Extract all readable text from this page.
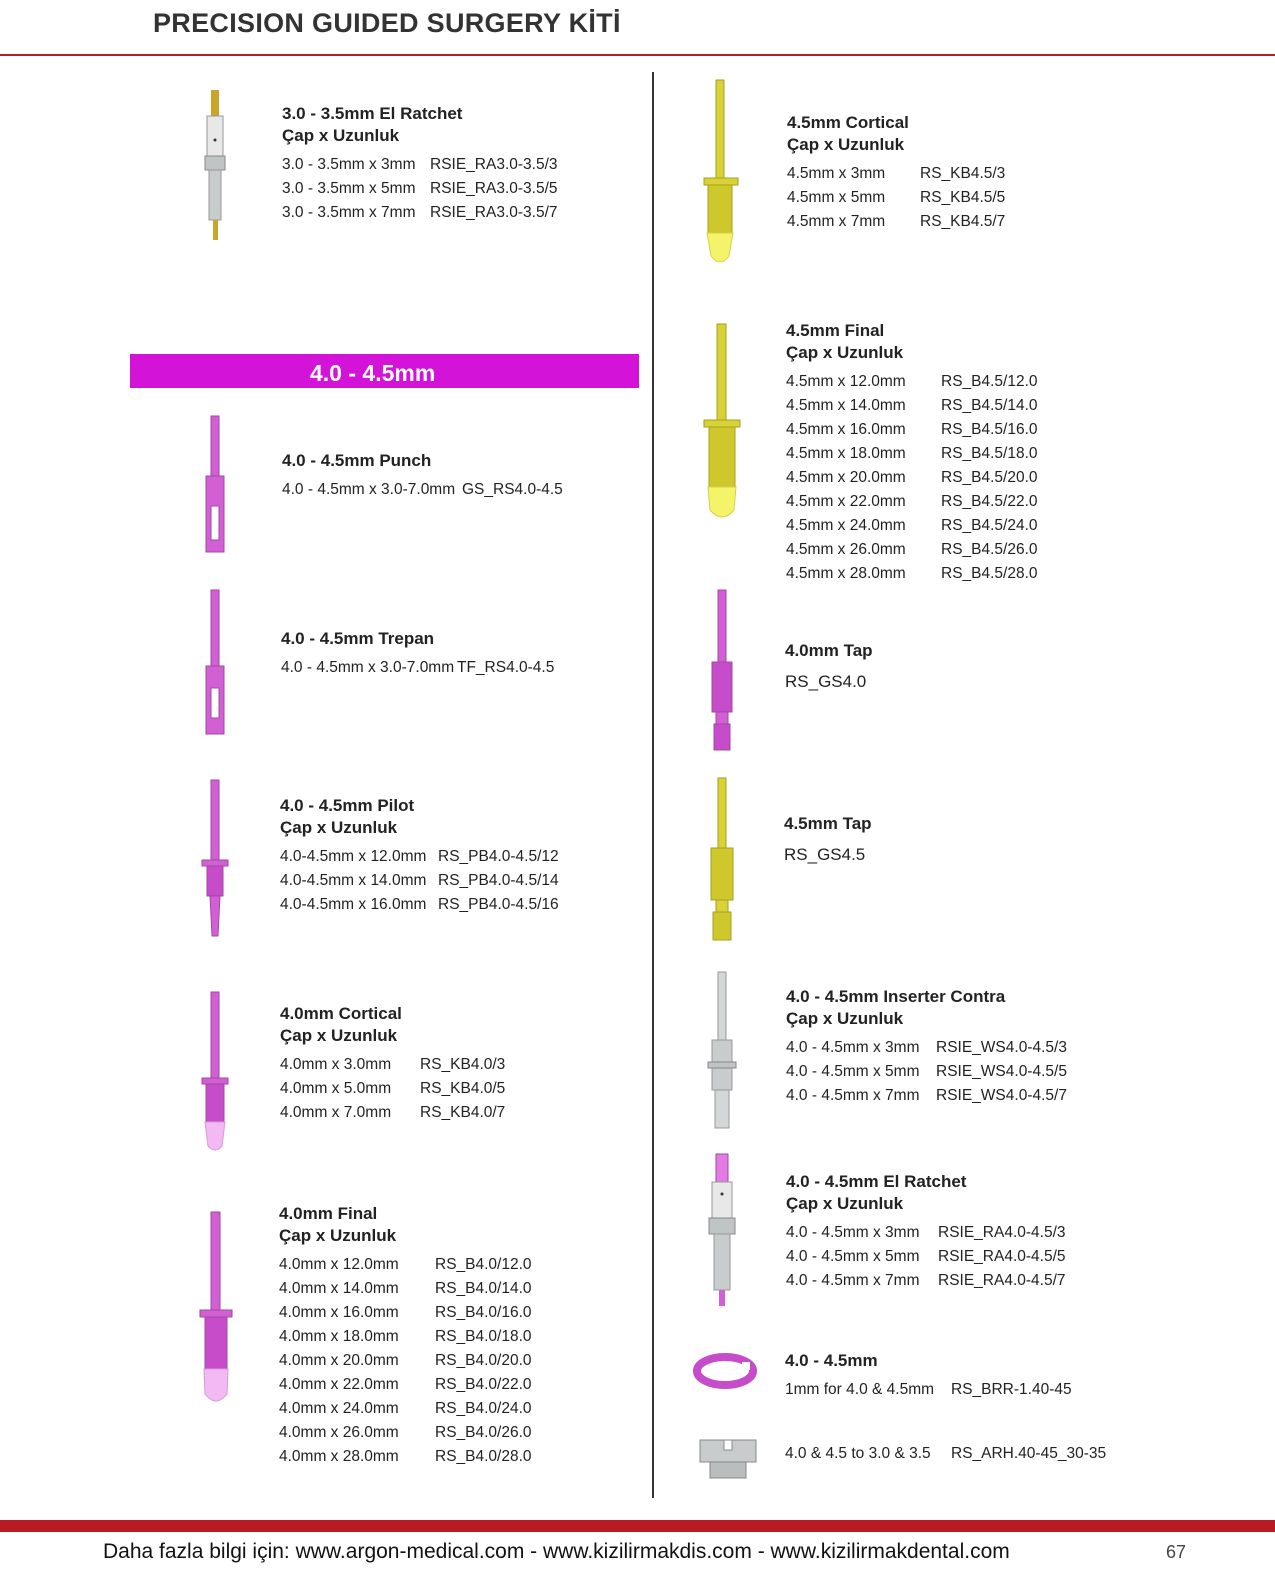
PRECISION GUIDED SURGERY KİTİ
4.0 - 4.5mm
3.0 - 3.5mm El Ratchet
Çap x Uzunluk
3.0 - 3.5mm x 3mm RSIE_RA3.0-3.5/3
3.0 - 3.5mm x 5mm RSIE_RA3.0-3.5/5
3.0 - 3.5mm x 7mm RSIE_RA3.0-3.5/7
4.0 - 4.5mm Punch
4.0 - 4.5mm x 3.0-7.0mm GS_RS4.0-4.5
4.0 - 4.5mm Trepan
4.0 - 4.5mm x 3.0-7.0mm TF_RS4.0-4.5
4.0 - 4.5mm Pilot
Çap x Uzunluk
4.0-4.5mm x 12.0mm RS_PB4.0-4.5/12
4.0-4.5mm x 14.0mm RS_PB4.0-4.5/14
4.0-4.5mm x 16.0mm RS_PB4.0-4.5/16
4.0mm Cortical
Çap x Uzunluk
4.0mm x 3.0mm RS_KB4.0/3
4.0mm x 5.0mm RS_KB4.0/5
4.0mm x 7.0mm RS_KB4.0/7
4.0mm Final
Çap x Uzunluk
4.0mm x 12.0mm RS_B4.0/12.0
4.0mm x 14.0mm RS_B4.0/14.0
4.0mm x 16.0mm RS_B4.0/16.0
4.0mm x 18.0mm RS_B4.0/18.0
4.0mm x 20.0mm RS_B4.0/20.0
4.0mm x 22.0mm RS_B4.0/22.0
4.0mm x 24.0mm RS_B4.0/24.0
4.0mm x 26.0mm RS_B4.0/26.0
4.0mm x 28.0mm RS_B4.0/28.0
4.5mm Cortical
Çap x Uzunluk
4.5mm x 3mm RS_KB4.5/3
4.5mm x 5mm RS_KB4.5/5
4.5mm x 7mm RS_KB4.5/7
4.5mm Final
Çap x Uzunluk
4.5mm x 12.0mm RS_B4.5/12.0
4.5mm x 14.0mm RS_B4.5/14.0
4.5mm x 16.0mm RS_B4.5/16.0
4.5mm x 18.0mm RS_B4.5/18.0
4.5mm x 20.0mm RS_B4.5/20.0
4.5mm x 22.0mm RS_B4.5/22.0
4.5mm x 24.0mm RS_B4.5/24.0
4.5mm x 26.0mm RS_B4.5/26.0
4.5mm x 28.0mm RS_B4.5/28.0
4.0mm Tap
RS_GS4.0
4.5mm Tap
RS_GS4.5
4.0 - 4.5mm Inserter Contra
Çap x Uzunluk
4.0 - 4.5mm x 3mm RSIE_WS4.0-4.5/3
4.0 - 4.5mm x 5mm RSIE_WS4.0-4.5/5
4.0 - 4.5mm x 7mm RSIE_WS4.0-4.5/7
4.0 - 4.5mm El Ratchet
Çap x Uzunluk
4.0 - 4.5mm x 3mm RSIE_RA4.0-4.5/3
4.0 - 4.5mm x 5mm RSIE_RA4.0-4.5/5
4.0 - 4.5mm x 7mm RSIE_RA4.0-4.5/7
4.0 - 4.5mm
1mm for 4.0 & 4.5mm RS_BRR-1.40-45
4.0 & 4.5 to 3.0 & 3.5 RS_ARH.40-45_30-35
Daha fazla bilgi için: www.argon-medical.com - www.kizilirmakdis.com - www.kizilirmakdental.com	67
